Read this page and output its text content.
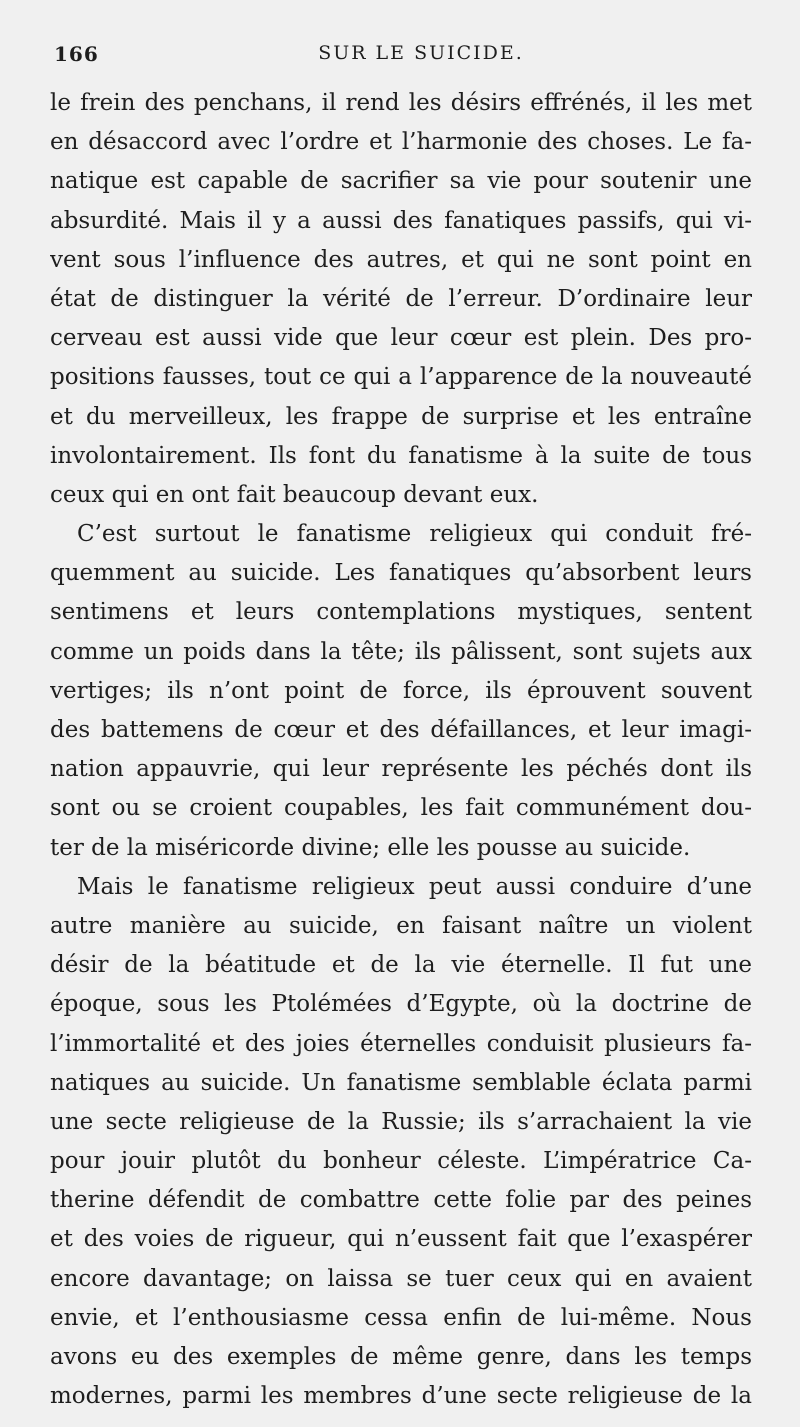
166	SUR LE SUICIDE.
le frein des penchans, il rend les désirs effrénés, il les met
en désaccord avec l’ordre et l’harmonie des choses. Le fa-
natique est capable de sacrifier sa vie pour soutenir une
absurdité. Mais il y a aussi des fanatiques passifs, qui vi-
vent sous l’influence des autres, et qui ne sont point en
état de distinguer la vérité de l’erreur. D’ordinaire leur
cerveau est aussi vide que leur cœur est plein. Des pro-
positions fausses, tout ce qui a l’apparence de la nouveauté
et du merveilleux, les frappe de surprise et les entraîne
involontairement. Ils font du fanatisme à la suite de tous
ceux qui en ont fait beaucoup devant eux.
C’est surtout le fanatisme religieux qui conduit fré-
quemment au suicide. Les fanatiques qu’absorbent leurs
sentimens et leurs contemplations mystiques, sentent
comme un poids dans la tête; ils pâlissent, sont sujets aux
vertiges; ils n’ont point de force, ils éprouvent souvent
des battemens de cœur et des défaillances, et leur imagi-
nation appauvrie, qui leur représente les péchés dont ils
sont ou se croient coupables, les fait communément dou-
ter de la miséricorde divine; elle les pousse au suicide.
Mais le fanatisme religieux peut aussi conduire d’une
autre manière au suicide, en faisant naître un violent
désir de la béatitude et de la vie éternelle. Il fut une
époque, sous les Ptolémées d’Egypte, où la doctrine de
l’immortalité et des joies éternelles conduisit plusieurs fa-
natiques au suicide. Un fanatisme semblable éclata parmi
une secte religieuse de la Russie; ils s’arrachaient la vie
pour jouir plutôt du bonheur céleste. L’impératrice Ca-
therine défendit de combattre cette folie par des peines
et des voies de rigueur, qui n’eussent fait que l’exaspérer
encore davantage; on laissa se tuer ceux qui en avaient
envie, et l’enthousiasme cessa enfin de lui-même. Nous
avons eu des exemples de même genre, dans les temps
modernes, parmi les membres d’une secte religieuse de la
